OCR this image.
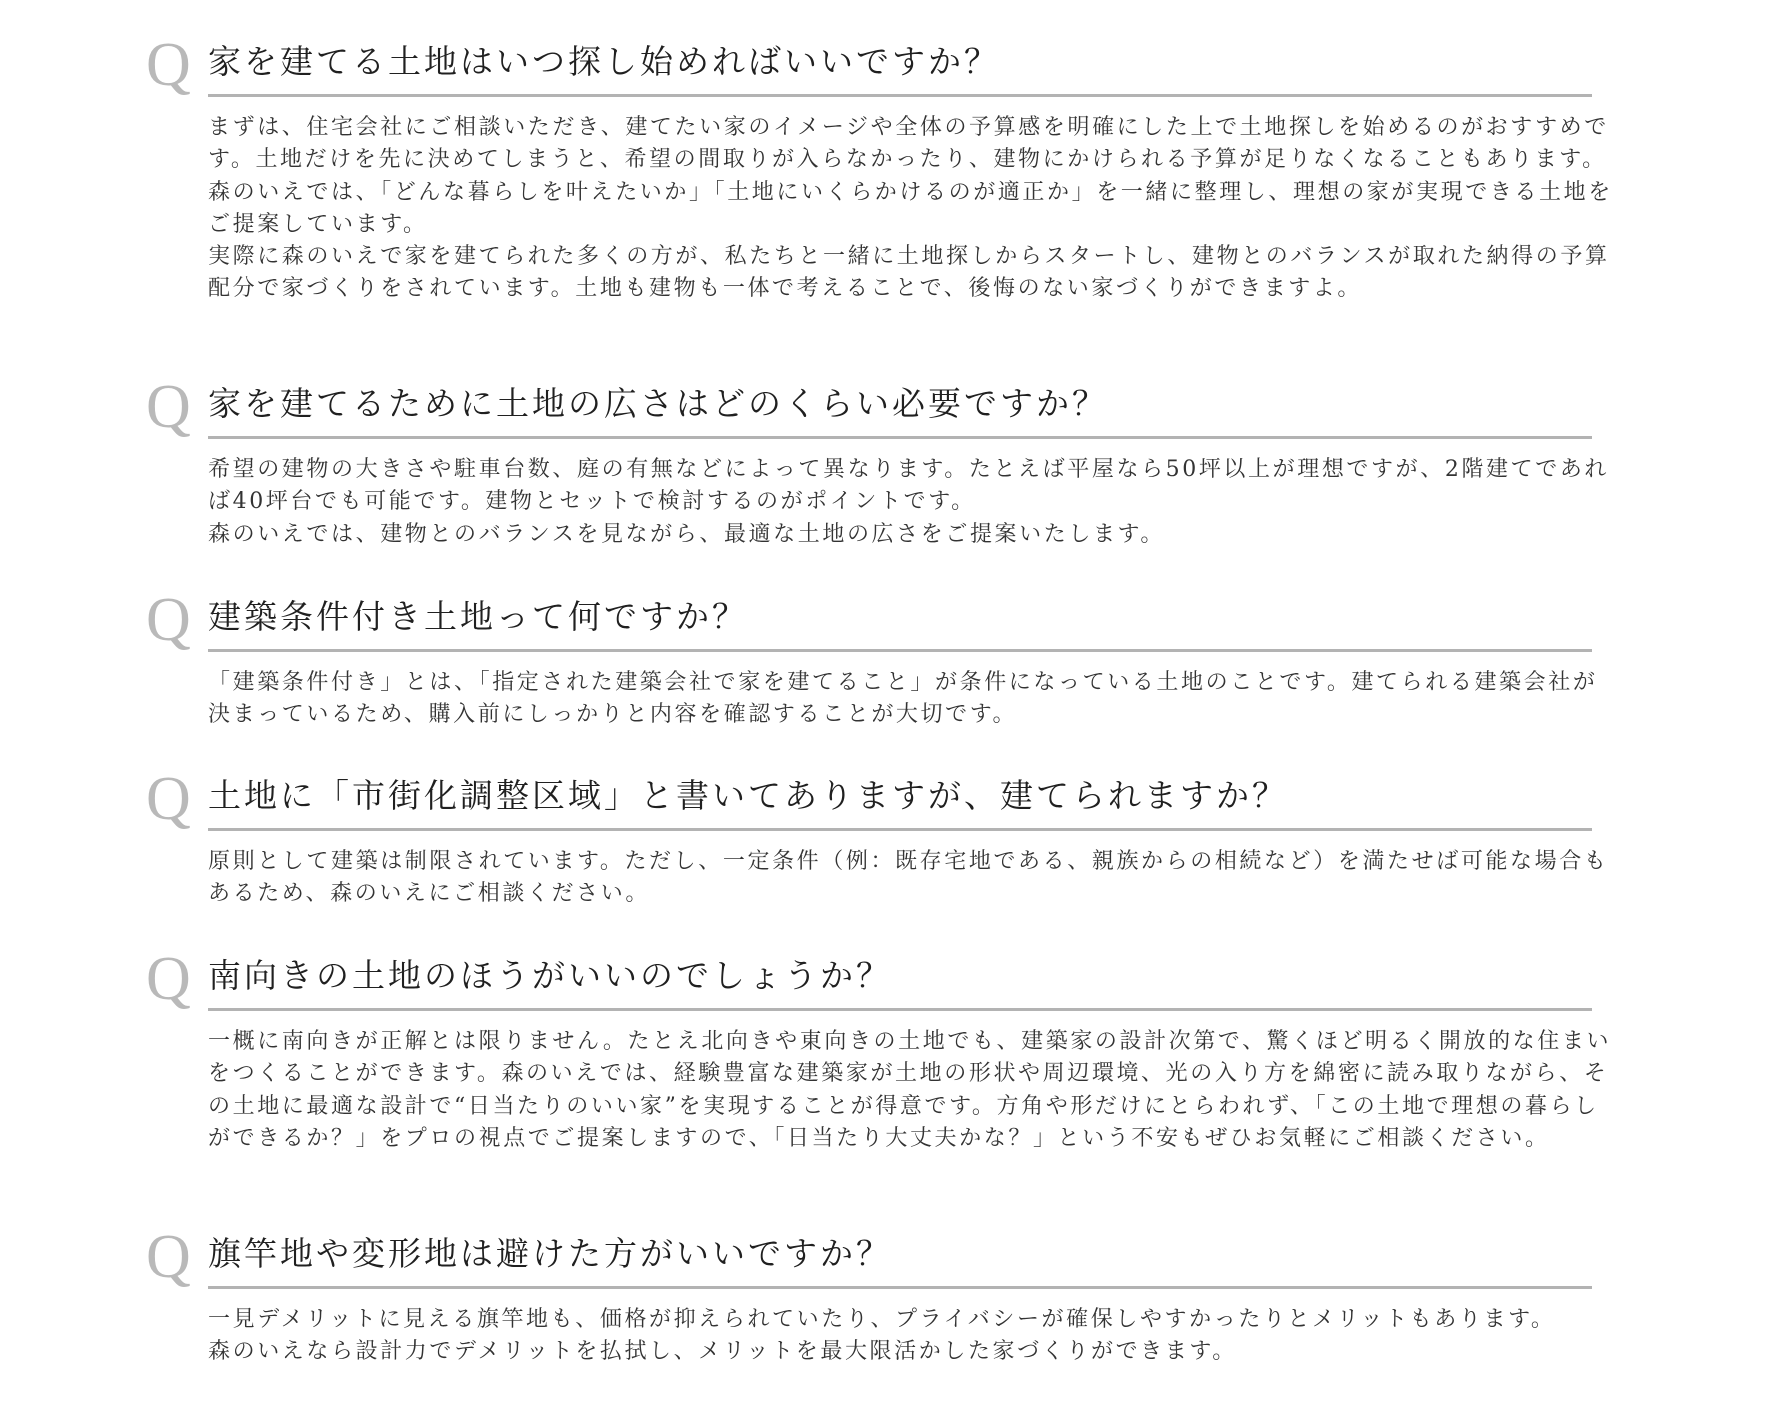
Q 家を建てる土地はいつ探し始めればいいですか？

まずは、住宅会社にご相談いただき、建てたい家のイメージや全体の予算感を明確にした上で土地探しを始めるのがおすすめです。土地だけを先に決めてしまうと、希望の間取りが入らなかったり、建物にかけられる予算が足りなくなることもあります。

森のいえでは、「どんな暮らしを叶えたいか」「土地にいくらかけるのが適正か」を一緒に整理し、理想の家が実現できる土地をご提案しています。

実際に森のいえで家を建てられた多くの方が、私たちと一緒に土地探しからスタートし、建物とのバランスが取れた納得の予算配分で家づくりをされています。土地も建物も一体で考えることで、後悔のない家づくりができますよ。

Q 家を建てるために土地の広さはどのくらい必要ですか？

希望の建物の大きさや駐車台数、庭の有無などによって異なります。たとえば平屋なら50坪以上が理想ですが、2階建てであれば40坪台でも可能です。建物とセットで検討するのがポイントです。

森のいえでは、建物とのバランスを見ながら、最適な土地の広さをご提案いたします。

Q 建築条件付き土地って何ですか？

「建築条件付き」とは、「指定された建築会社で家を建てること」が条件になっている土地のことです。建てられる建築会社が決まっているため、購入前にしっかりと内容を確認することが大切です。

Q 土地に「市街化調整区域」と書いてありますが、建てられますか？

原則として建築は制限されています。ただし、一定条件（例：既存宅地である、親族からの相続など）を満たせば可能な場合もあるため、森のいえにご相談ください。

Q 南向きの土地のほうがいいのでしょうか？

一概に南向きが正解とは限りません。たとえ北向きや東向きの土地でも、建築家の設計次第で、驚くほど明るく開放的な住まいをつくることができます。森のいえでは、経験豊富な建築家が土地の形状や周辺環境、光の入り方を綿密に読み取りながら、その土地に最適な設計で“日当たりのいい家”を実現することが得意です。方角や形だけにとらわれず、「この土地で理想の暮らしができるか？」をプロの視点でご提案しますので、「日当たり大丈夫かな？」という不安もぜひお気軽にご相談ください。

Q 旗竿地や変形地は避けた方がいいですか？

一見デメリットに見える旗竿地も、価格が抑えられていたり、プライバシーが確保しやすかったりとメリットもあります。

森のいえなら設計力でデメリットを払拭し、メリットを最大限活かした家づくりができます。
